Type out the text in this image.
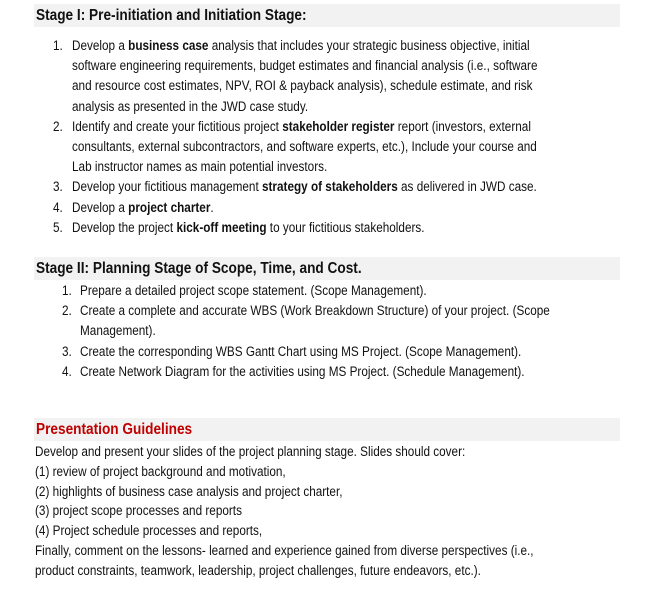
Stage I: Pre-initiation and Initiation Stage:
1. Develop a business case analysis that includes your strategic business objective, initial
software engineering requirements, budget estimates and financial analysis (i.e., software
and resource cost estimates, NPV, ROI & payback analysis), schedule estimate, and risk
analysis as presented in the JWD case study.
2. Identify and create your fictitious project stakeholder register report (investors, external
consultants, external subcontractors, and software experts, etc.), Include your course and
Lab instructor names as main potential investors.
3. Develop your fictitious management strategy of stakeholders as delivered in JWD case.
4. Develop a project charter.
5. Develop the project kick-off meeting to your fictitious stakeholders.
Stage II: Planning Stage of Scope, Time, and Cost.
1. Prepare a detailed project scope statement. (Scope Management).
2. Create a complete and accurate WBS (Work Breakdown Structure) of your project. (Scope
Management).
3. Create the corresponding WBS Gantt Chart using MS Project. (Scope Management).
4. Create Network Diagram for the activities using MS Project. (Schedule Management).
Presentation Guidelines
Develop and present your slides of the project planning stage. Slides should cover:
(1) review of project background and motivation,
(2) highlights of business case analysis and project charter,
(3) project scope processes and reports
(4) Project schedule processes and reports,
Finally, comment on the lessons- learned and experience gained from diverse perspectives (i.e.,
product constraints, teamwork, leadership, project challenges, future endeavors, etc.).
